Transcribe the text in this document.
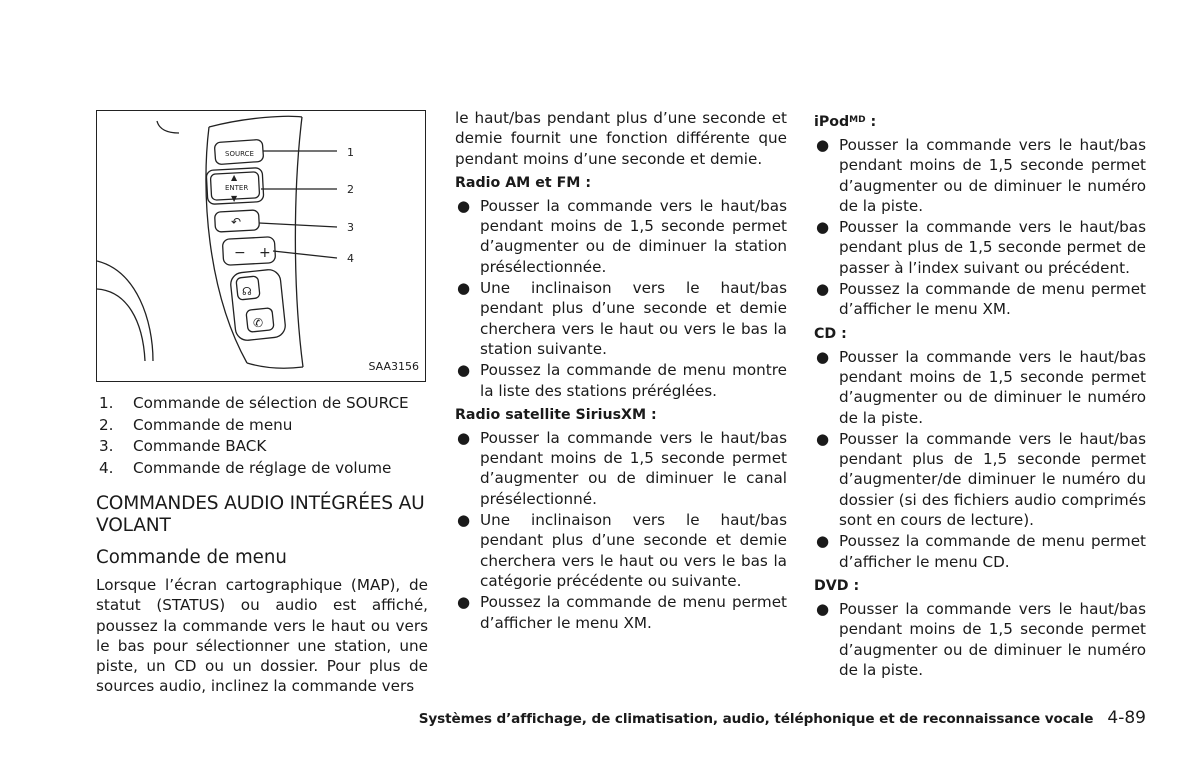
SOURCE
ENTER
▲
▼
↶
− +
☊
✆
1
2
3
4
SAA3156
1.	Commande de sélection de SOURCE
2.	Commande de menu
3.	Commande BACK
4.	Commande de réglage de volume
COMMANDES AUDIO INTÉGRÉES AU VOLANT
Commande de menu

Lorsque l’écran cartographique (MAP), de statut (STATUS) ou audio est affiché, poussez la commande vers le haut ou vers le bas pour sélectionner une station, une piste, un CD ou un dossier. Pour plus de sources audio, inclinez la commande vers

le haut/bas pendant plus d’une seconde et demie fournit une fonction différente que pendant moins d’une seconde et demie.

Radio AM et FM :
● Pousser la commande vers le haut/bas pendant moins de 1,5 seconde permet d’augmenter ou de diminuer la station présélectionnée.
● Une inclinaison vers le haut/bas pendant plus d’une seconde et demie cherchera vers le haut ou vers le bas la station suivante.
● Poussez la commande de menu montre la liste des stations préréglées.
Radio satellite SiriusXM :
● Pousser la commande vers le haut/bas pendant moins de 1,5 seconde permet d’augmenter ou de diminuer le canal présélectionné.
● Une inclinaison vers le haut/bas pendant plus d’une seconde et demie cherchera vers le haut ou vers le bas la catégorie précédente ou suivante.
● Poussez la commande de menu permet d’afficher le menu XM.
iPod$^{MD}$ :
● Pousser la commande vers le haut/bas pendant moins de 1,5 seconde permet d’augmenter ou de diminuer le numéro de la piste.
● Pousser la commande vers le haut/bas pendant plus de 1,5 seconde permet de passer à l’index suivant ou précédent.
● Poussez la commande de menu permet d’afficher le menu XM.
CD :
● Pousser la commande vers le haut/bas pendant moins de 1,5 seconde permet d’augmenter ou de diminuer le numéro de la piste.
● Pousser la commande vers le haut/bas pendant plus de 1,5 seconde permet d’augmenter/de diminuer le numéro du dossier (si des fichiers audio comprimés sont en cours de lecture).
● Poussez la commande de menu permet d’afficher le menu CD.
DVD :
● Pousser la commande vers le haut/bas pendant moins de 1,5 seconde permet d’augmenter ou de diminuer le numéro de la piste.
Systèmes d’affichage, de climatisation, audio, téléphonique et de reconnaissance vocale 4-89
